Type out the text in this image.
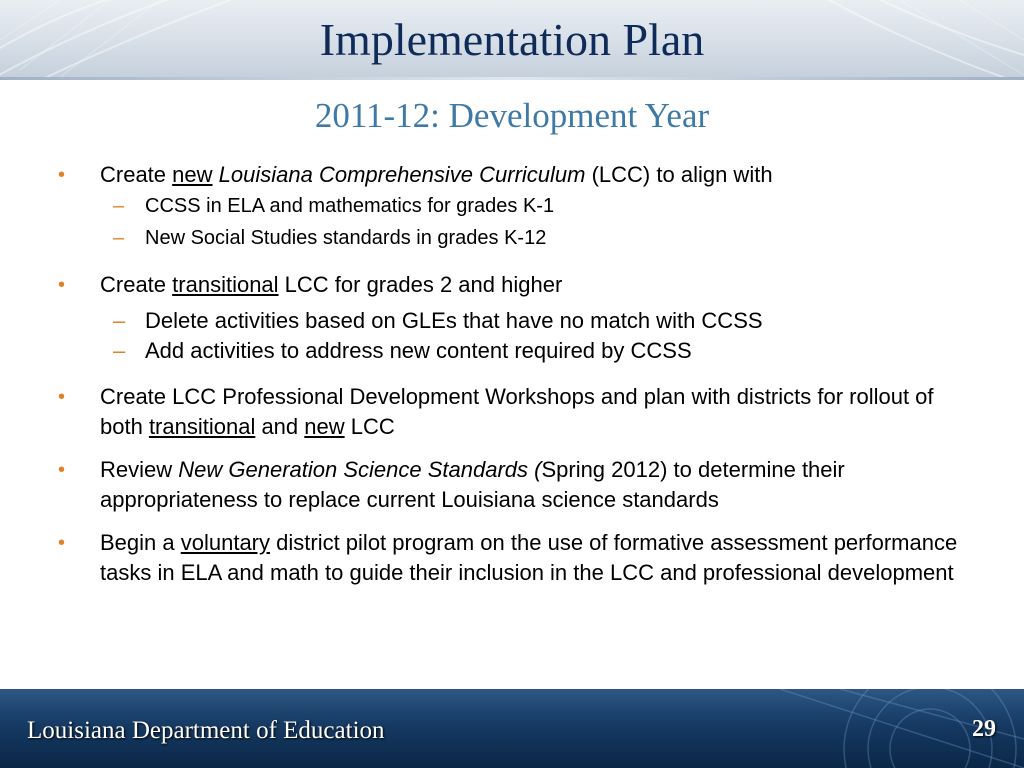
Implementation Plan
2011-12: Development Year

• Create new Louisiana Comprehensive Curriculum (LCC) to align with

– CCSS in ELA and mathematics for grades K-1

– New Social Studies standards in grades K-12

• Create transitional LCC for grades 2 and higher

– Delete activities based on GLEs that have no match with CCSS

– Add activities to address new content required by CCSS

• Create LCC Professional Development Workshops and plan with districts for rollout of both transitional and new LCC

• Review New Generation Science Standards (Spring 2012) to determine their appropriateness to replace current Louisiana science standards

• Begin a voluntary district pilot program on the use of formative assessment performance tasks in ELA and math to guide their inclusion in the LCC and professional development

Louisiana Department of Education	29
